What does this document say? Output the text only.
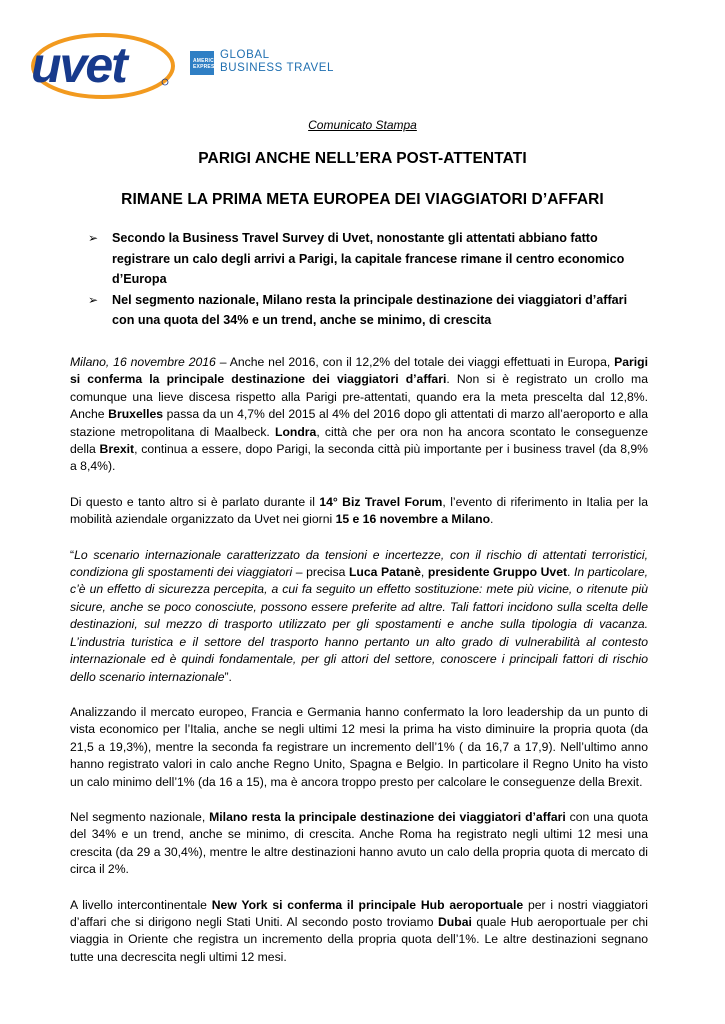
uvet	AMERICAN EXPRESS
GLOBAL
BUSINESS TRAVEL
Comunicato Stampa
PARIGI ANCHE NELL’ERA POST-ATTENTATI
RIMANE LA PRIMA META EUROPEA DEI VIAGGIATORI D’AFFARI
➢ Secondo la Business Travel Survey di Uvet, nonostante gli attentati abbiano fatto registrare un calo degli arrivi a Parigi, la capitale francese rimane il centro economico d’Europa
➢ Nel segmento nazionale, Milano resta la principale destinazione dei viaggiatori d’affari con una quota del 34% e un trend, anche se minimo, di crescita

Milano, 16 novembre 2016 – Anche nel 2016, con il 12,2% del totale dei viaggi effettuati in Europa, Parigi si conferma la principale destinazione dei viaggiatori d’affari. Non si è registrato un crollo ma comunque una lieve discesa rispetto alla Parigi pre-attentati, quando era la meta prescelta dal 12,8%. Anche Bruxelles passa da un 4,7% del 2015 al 4% del 2016 dopo gli attentati di marzo all’aeroporto e alla stazione metropolitana di Maalbeck. Londra, città che per ora non ha ancora scontato le conseguenze della Brexit, continua a essere, dopo Parigi, la seconda città più importante per i business travel (da 8,9% a 8,4%).

Di questo e tanto altro si è parlato durante il 14° Biz Travel Forum, l’evento di riferimento in Italia per la mobilità aziendale organizzato da Uvet nei giorni 15 e 16 novembre a Milano.

“Lo scenario internazionale caratterizzato da tensioni e incertezze, con il rischio di attentati terroristici, condiziona gli spostamenti dei viaggiatori – precisa Luca Patanè, presidente Gruppo Uvet. In particolare, c’è un effetto di sicurezza percepita, a cui fa seguito un effetto sostituzione: mete più vicine, o ritenute più sicure, anche se poco conosciute, possono essere preferite ad altre. Tali fattori incidono sulla scelta delle destinazioni, sul mezzo di trasporto utilizzato per gli spostamenti e anche sulla tipologia di vacanza. L’industria turistica e il settore del trasporto hanno pertanto un alto grado di vulnerabilità al contesto internazionale ed è quindi fondamentale, per gli attori del settore, conoscere i principali fattori di rischio dello scenario internazionale”.

Analizzando il mercato europeo, Francia e Germania hanno confermato la loro leadership da un punto di vista economico per l’Italia, anche se negli ultimi 12 mesi la prima ha visto diminuire la propria quota (da 21,5 a 19,3%), mentre la seconda fa registrare un incremento dell’1% ( da 16,7 a 17,9). Nell’ultimo anno hanno registrato valori in calo anche Regno Unito, Spagna e Belgio. In particolare il Regno Unito ha visto un calo minimo dell’1% (da 16 a 15), ma è ancora troppo presto per calcolare le conseguenze della Brexit.

Nel segmento nazionale, Milano resta la principale destinazione dei viaggiatori d’affari con una quota del 34% e un trend, anche se minimo, di crescita. Anche Roma ha registrato negli ultimi 12 mesi una crescita (da 29 a 30,4%), mentre le altre destinazioni hanno avuto un calo della propria quota di mercato di circa il 2%.

A livello intercontinentale New York si conferma il principale Hub aeroportuale per i nostri viaggiatori d’affari che si dirigono negli Stati Uniti. Al secondo posto troviamo Dubai quale Hub aeroportuale per chi viaggia in Oriente che registra un incremento della propria quota dell’1%. Le altre destinazioni segnano tutte una decrescita negli ultimi 12 mesi.
